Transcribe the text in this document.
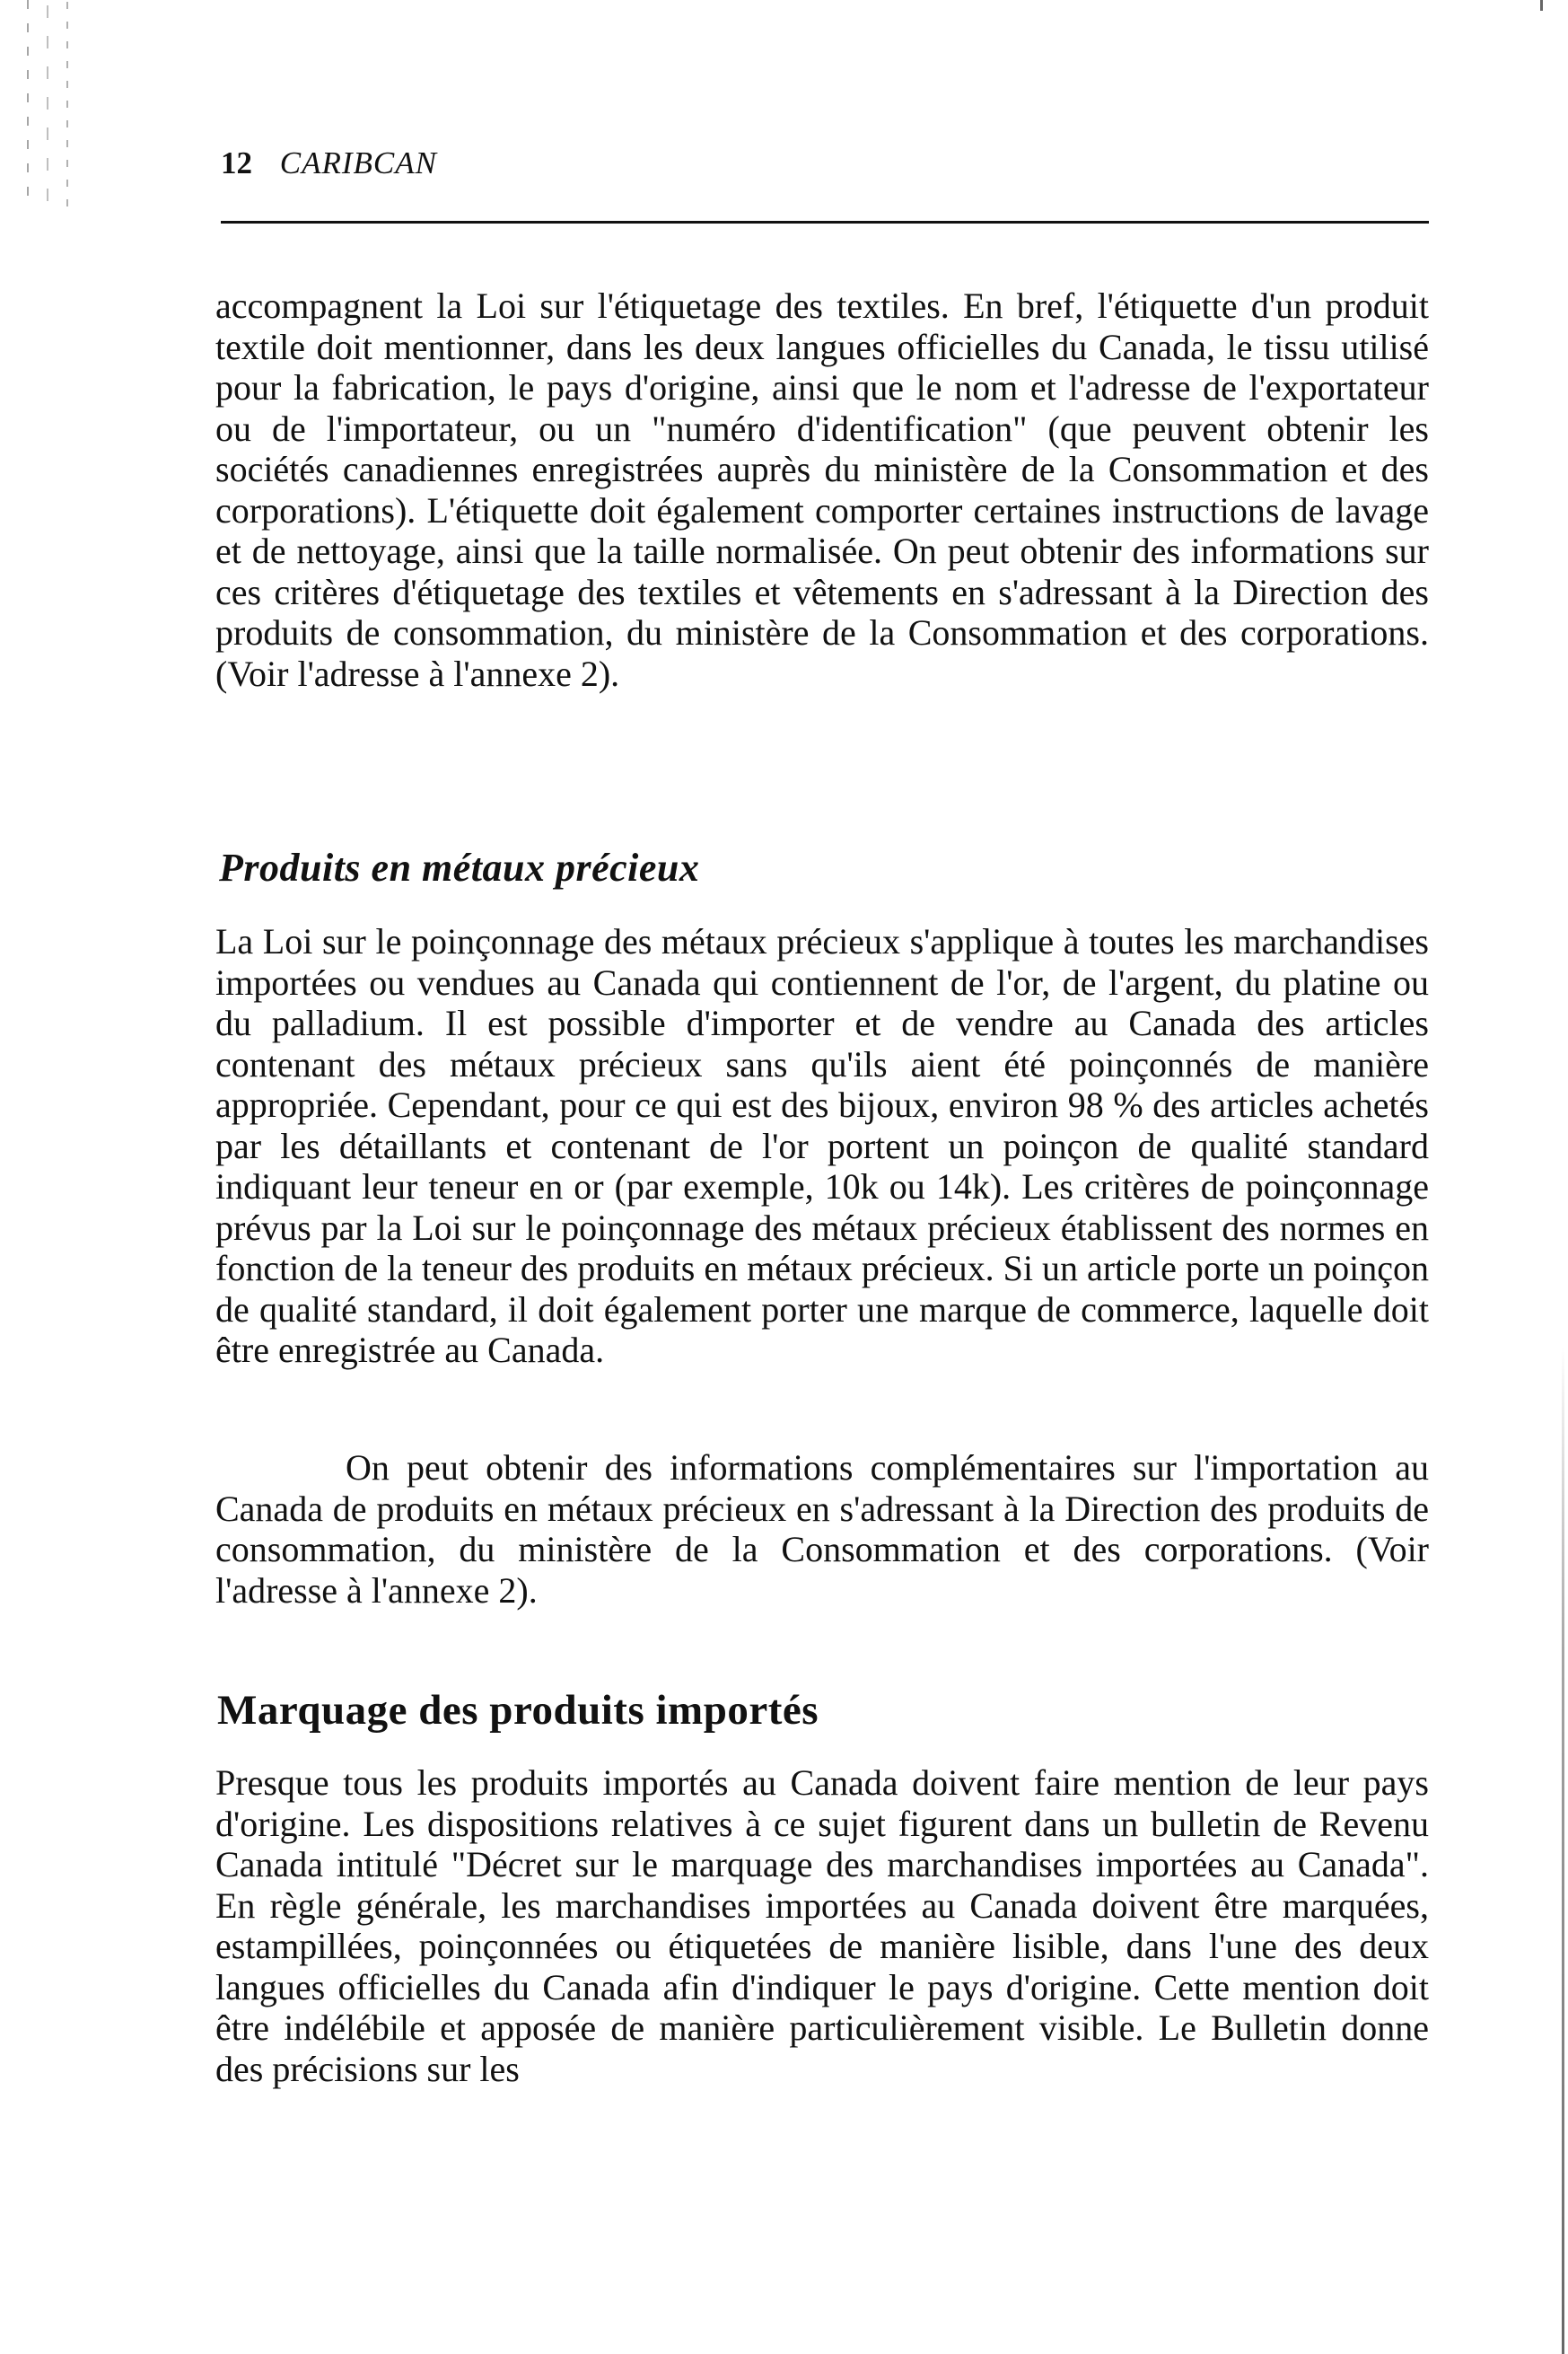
12 CARIBCAN

accompagnent la Loi sur l'étiquetage des textiles. En bref, l'étiquette d'un produit textile doit mentionner, dans les deux langues officielles du Canada, le tissu utilisé pour la fabrication, le pays d'origine, ainsi que le nom et l'adresse de l'exportateur ou de l'importateur, ou un "numéro d'identification" (que peuvent obtenir les sociétés canadiennes enregistrées auprès du ministère de la Consommation et des corporations). L'étiquette doit également comporter certaines instructions de lavage et de nettoyage, ainsi que la taille normalisée. On peut obtenir des informations sur ces critères d'étiquetage des textiles et vêtements en s'adressant à la Direction des produits de consommation, du ministère de la Consommation et des corporations. (Voir l'adresse à l'annexe 2).

Produits en métaux précieux

La Loi sur le poinçonnage des métaux précieux s'applique à toutes les marchandises importées ou vendues au Canada qui contiennent de l'or, de l'argent, du platine ou du palladium. Il est possible d'importer et de vendre au Canada des articles contenant des métaux précieux sans qu'ils aient été poinçonnés de manière appropriée. Cependant, pour ce qui est des bijoux, environ 98 % des articles achetés par les détaillants et contenant de l'or portent un poinçon de qualité standard indiquant leur teneur en or (par exemple, 10k ou 14k). Les critères de poinçonnage prévus par la Loi sur le poinçonnage des métaux précieux établissent des normes en fonction de la teneur des produits en métaux précieux. Si un article porte un poinçon de qualité standard, il doit également porter une marque de commerce, laquelle doit être enregistrée au Canada.

On peut obtenir des informations complémentaires sur l'importation au Canada de produits en métaux précieux en s'adressant à la Direction des produits de consommation, du ministère de la Consommation et des corporations. (Voir l'adresse à l'annexe 2).

Marquage des produits importés

Presque tous les produits importés au Canada doivent faire mention de leur pays d'origine. Les dispositions relatives à ce sujet figurent dans un bulletin de Revenu Canada intitulé "Décret sur le marquage des marchandises importées au Canada". En règle générale, les marchandises importées au Canada doivent être marquées, estampillées, poinçonnées ou étiquetées de manière lisible, dans l'une des deux langues officielles du Canada afin d'indiquer le pays d'origine. Cette mention doit être indélébile et apposée de manière particulièrement visible. Le Bulletin donne des précisions sur les
